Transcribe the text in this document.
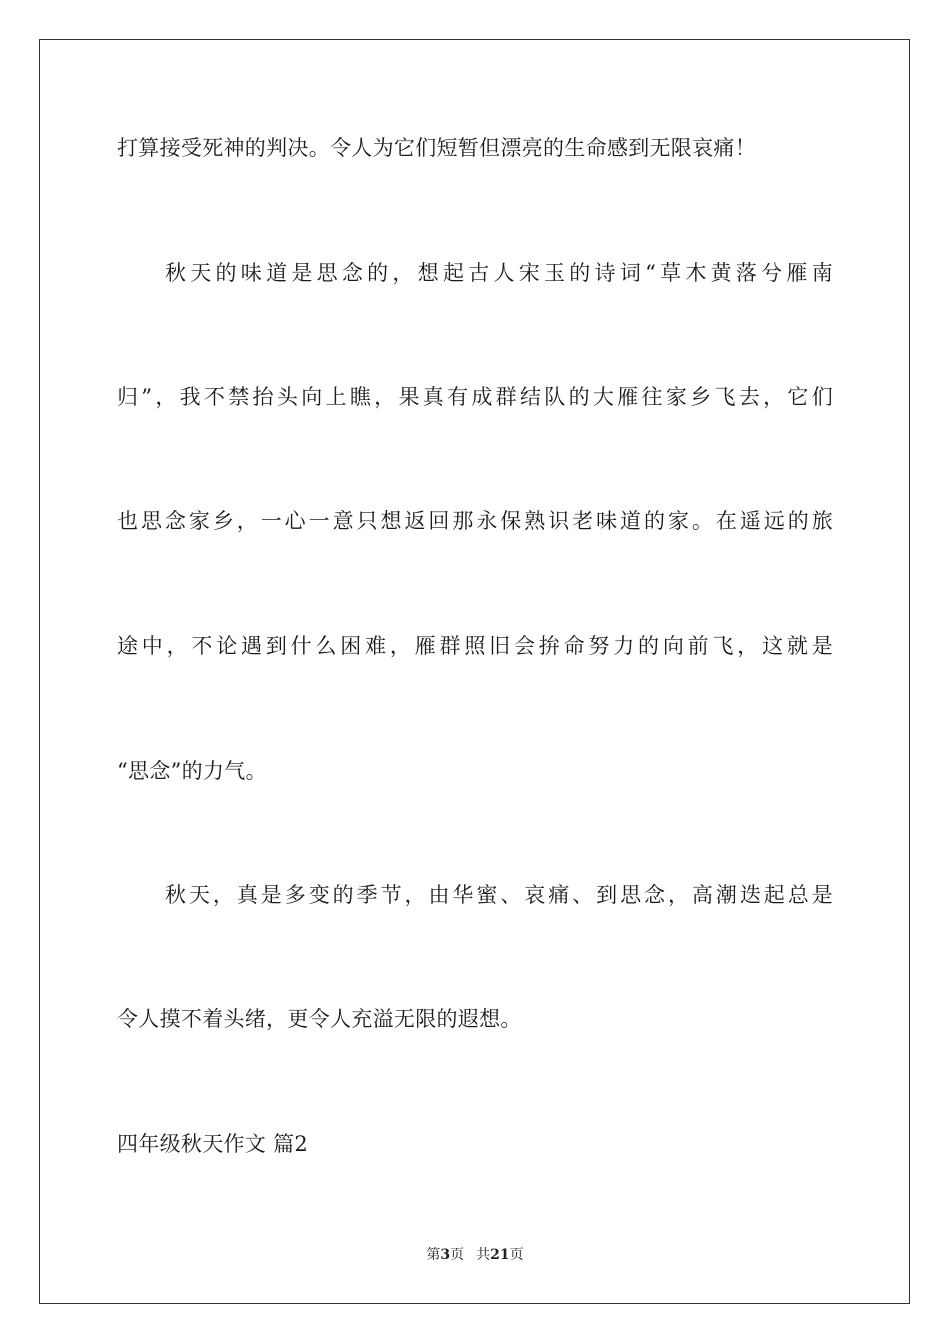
打算接受死神的判决。令人为它们短暂但漂亮的生命感到无限哀痛！
秋天的味道是思念的，想起古人宋玉的诗词“草木黄落兮雁南
归”，我不禁抬头向上瞧，果真有成群结队的大雁往家乡飞去，它们
也思念家乡，一心一意只想返回那永保熟识老味道的家。在遥远的旅
途中，不论遇到什么困难，雁群照旧会拚命努力的向前飞，这就是
“思念”的力气。
秋天，真是多变的季节，由华蜜、哀痛、到思念，高潮迭起总是
令人摸不着头绪，更令人充溢无限的遐想。
四年级秋天作文 篇2
第3页 共21页
